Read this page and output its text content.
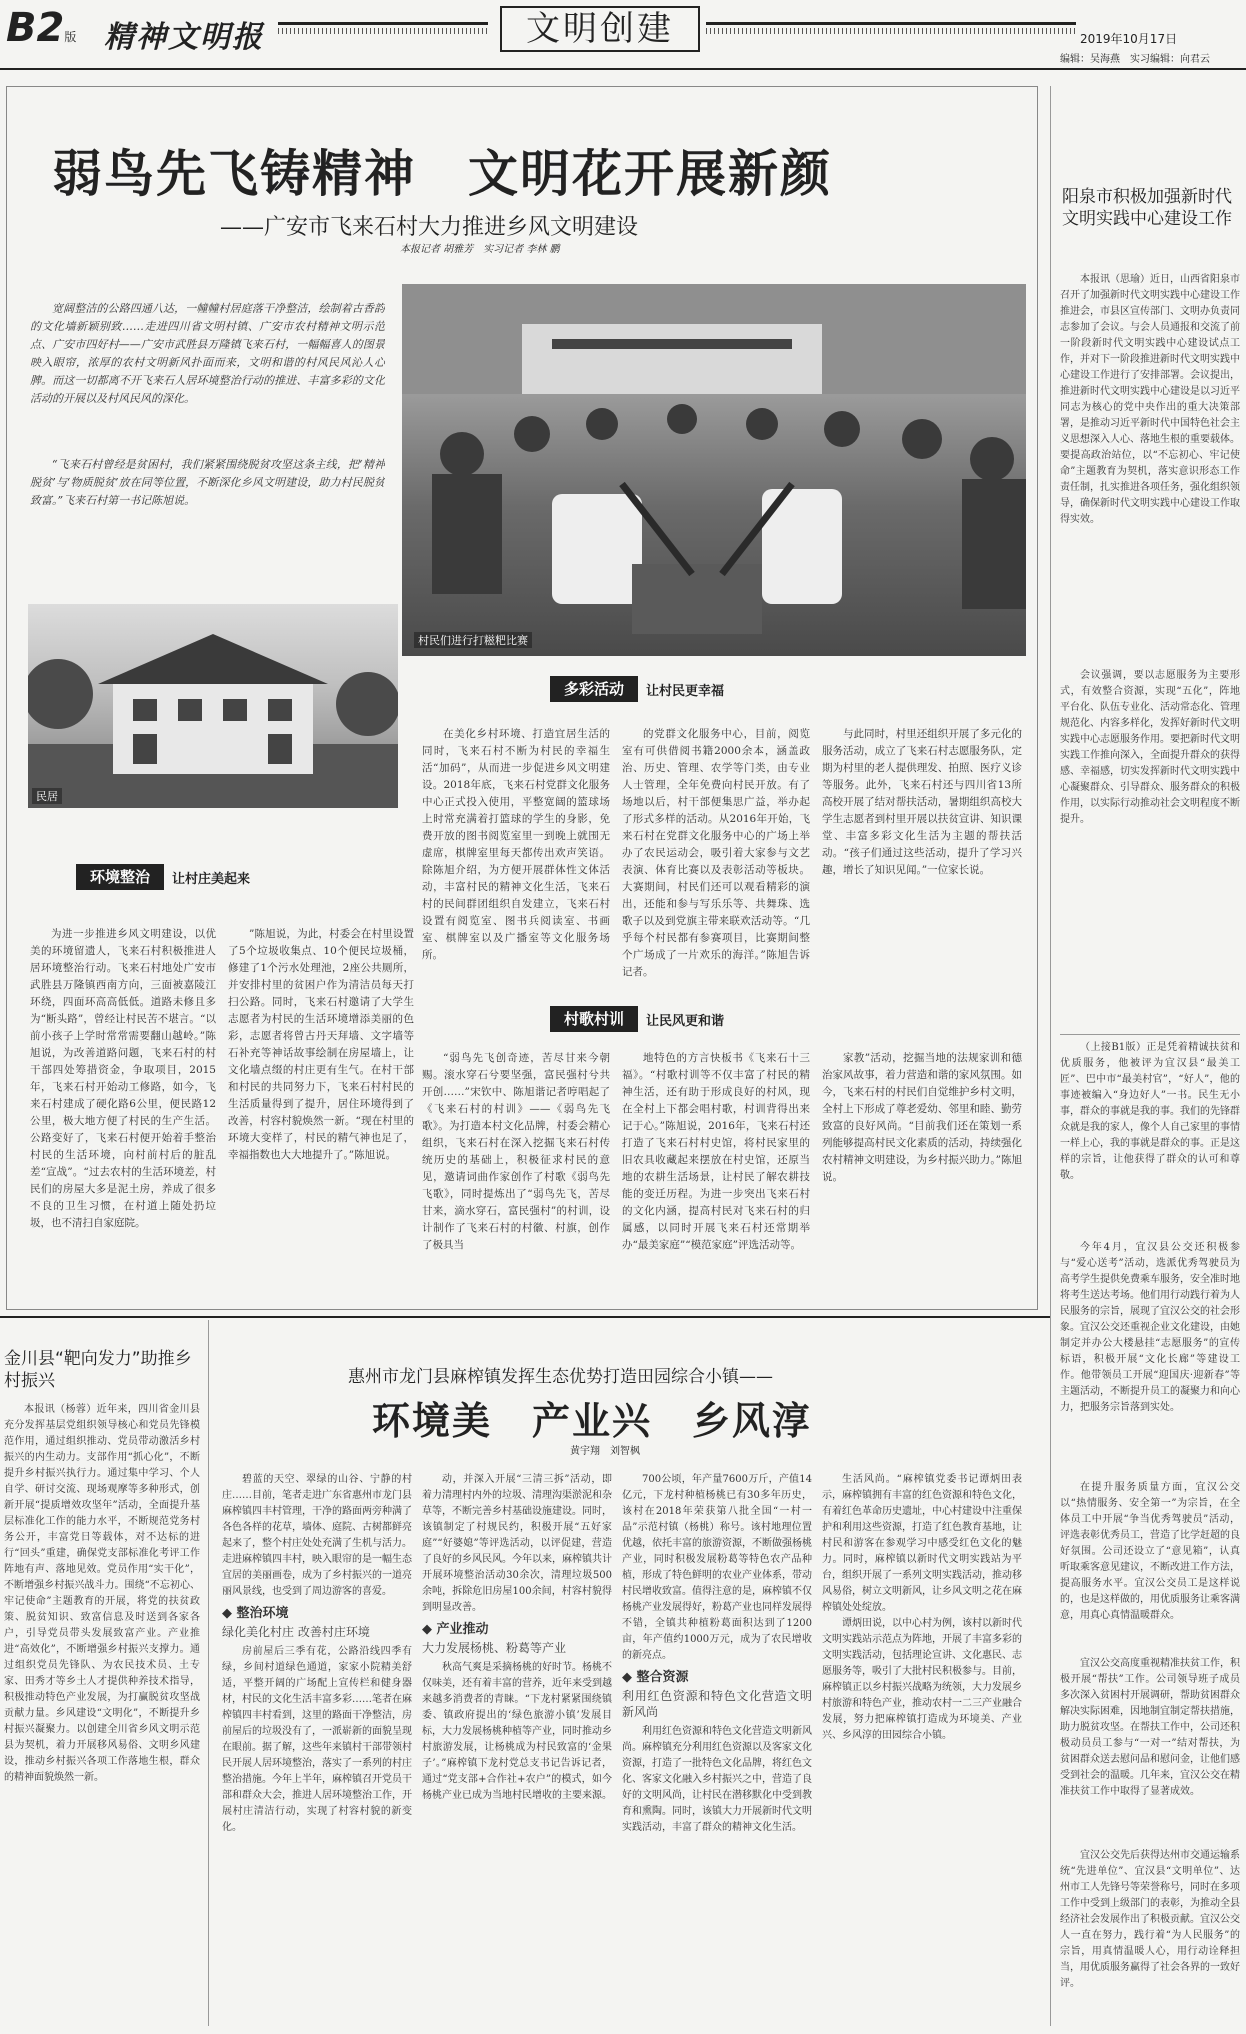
B2版 精神文明报	文明创建	2019年10月17日
编辑：吴海燕　实习编辑：向君云
弱鸟先飞铸精神　文明花开展新颜
——广安市飞来石村大力推进乡风文明建设
本报记者 胡雅芳　实习记者 李林 鹏

宽阔整洁的公路四通八达，一幢幢村居庭落干净整洁，绘制着古香韵的文化墙新颖别致……走进四川省文明村镇、广安市农村精神文明示范点、广安市四好村——广安市武胜县万隆镇飞来石村，一幅幅喜人的图景映入眼帘，浓厚的农村文明新风扑面而来，文明和谐的村风民风沁人心脾。而这一切都离不开飞来石人居环境整治行动的推进、丰富多彩的文化活动的开展以及村风民风的深化。

“飞来石村曾经是贫困村，我们紧紧围绕脱贫攻坚这条主线，把‘精神脱贫’与‘物质脱贫’放在同等位置，不断深化乡风文明建设，助力村民脱贫致富。”飞来石村第一书记陈旭说。

村民们进行打糍粑比赛
民居
多彩活动	让村民更幸福
环境整治	让村庄美起来
村歌村训	让民风更和谐

为进一步推进乡风文明建设，以优美的环境留遗人，飞来石村积极推进人居环境整治行动。飞来石村地处广安市武胜县万隆镇西南方向，三面被嘉陵江环绕，四面环高高低低。道路未修且多为“断头路”，曾经让村民苦不堪言。“以前小孩子上学时常常需要翻山越岭。”陈旭说，为改善道路问题，飞来石村的村干部四处筹措资金，争取项目，2015年，飞来石村开始动工修路，如今，飞来石村建成了硬化路6公里，便民路12公里，极大地方便了村民的生产生活。公路变好了，飞来石村便开始着手整治村民的生活环境，向村前村后的脏乱差“宣战”。“过去农村的生活环境差，村民们的房屋大多是泥土房，养成了很多不良的卫生习惯，在村道上随处扔垃圾，也不清扫自家庭院。

”陈旭说，为此，村委会在村里设置了5个垃圾收集点、10个便民垃圾桶，修建了1个污水处理池，2座公共厕所，并安排村里的贫困户作为清洁员每天打扫公路。同时，飞来石村邀请了大学生志愿者为村民的生活环境增添美丽的色彩，志愿者将曾古丹天拜墙、文字墙等石补充等神话故事绘制在房屋墙上，让文化墙点缀的村庄更有生气。在村干部和村民的共同努力下，飞来石村村民的生活质量得到了提升，居住环境得到了改善，村容村貌焕然一新。“现在村里的环境大变样了，村民的精气神也足了，幸福指数也大大地提升了。”陈旭说。

在美化乡村环境、打造宜居生活的同时，飞来石村不断为村民的幸福生活“加码”，从而进一步促进乡风文明建设。2018年底，飞来石村党群文化服务中心正式投入使用，平整宽阔的篮球场上时常充满着打篮球的学生的身影，免费开放的图书阅览室里一到晚上就围无虚席，棋牌室里每天都传出欢声笑语。除陈旭介绍，为方便开展群体性文体活动，丰富村民的精神文化生活，飞来石村的民间群团组织自发建立，飞来石村设置有阅览室、图书兵阅读室、书画室、棋牌室以及广播室等文化服务场所。

的党群文化服务中心，目前，阅览室有可供借阅书籍2000余本，涵盖政治、历史、管理、农学等门类，由专业人士管理，全年免费向村民开放。有了场地以后，村干部便集思广益，举办起了形式多样的活动。从2016年开始，飞来石村在党群文化服务中心的广场上举办了农民运动会，吸引着大家参与文艺表演、体育比赛以及表彰活动等板块。大赛期间，村民们还可以观看精彩的演出，还能和参与写乐乐等、共舞珠、选歌子以及到党旗主带来联欢活动等。“几乎每个村民都有参赛项目，比赛期间整个广场成了一片欢乐的海洋。”陈旭告诉记者。

与此同时，村里还组织开展了多元化的服务活动，成立了飞来石村志愿服务队，定期为村里的老人提供理发、拍照、医疗义诊等服务。此外，飞来石村还与四川省13所高校开展了结对帮扶活动，暑期组织高校大学生志愿者到村里开展以扶贫宣讲、知识课堂、丰富多彩文化生活为主题的帮扶活动。“孩子们通过这些活动，提升了学习兴趣，增长了知识见闻。”一位家长说。

“弱鸟先飞创奇迹，苦尽甘来今朝赐。滚水穿石兮要坚强，富民强村兮共开创……”宋钦中、陈旭谐记者哼唱起了《飞来石村的村训》——《弱鸟先飞歌》。为打造本村文化品牌，村委会精心组织，飞来石村在深入挖掘飞来石村传统历史的基础上，积极征求村民的意见，邀请词曲作家创作了村歌《弱鸟先飞歌》，同时提炼出了“弱鸟先飞，苦尽甘来，滴水穿石，富民强村”的村训，设计制作了飞来石村的村徽、村旗，创作了极具当

地特色的方言快板书《飞来石十三福》。“村歌村训等不仅丰富了村民的精神生活，还有助于形成良好的村风，现在全村上下都会唱村歌，村训背得出来记于心。”陈旭说，2016年，飞来石村还打造了飞来石村村史馆，将村民家里的旧农具收藏起来摆放在村史馆，还原当地的农耕生活场景，让村民了解农耕技能的变迁历程。为进一步突出飞来石村的文化内涵，提高村民对飞来石村的归属感，以同时开展飞来石村还常期举办“最美家庭”“模范家庭”评选活动等。

家教”活动，挖掘当地的法规家训和德治家风故事，着力营造和谐的家风氛围。如今，飞来石村的村民们自觉维护乡村文明，全村上下形成了尊老爱幼、邻里和睦、勤劳致富的良好风尚。“目前我们还在策划一系列能够提高村民文化素质的活动，持续强化农村精神文明建设，为乡村振兴助力。”陈旭说。

阳泉市积极加强新时代文明实践中心建设工作

本报讯（思瑜）近日，山西省阳泉市召开了加强新时代文明实践中心建设工作推进会，市县区宣传部门、文明办负责同志参加了会议。与会人员通报和交流了前一阶段新时代文明实践中心建设试点工作，并对下一阶段推进新时代文明实践中心建设工作进行了安排部署。会议提出，推进新时代文明实践中心建设是以习近平同志为核心的党中央作出的重大决策部署，是推动习近平新时代中国特色社会主义思想深入人心、落地生根的重要载体。要提高政治站位，以“不忘初心、牢记使命”主题教育为契机，落实意识形态工作责任制，扎实推进各项任务，强化组织领导，确保新时代文明实践中心建设工作取得实效。

会议强调，要以志愿服务为主要形式，有效整合资源，实现“五化”，阵地平台化、队伍专业化、活动常态化、管理规范化、内容多样化，发挥好新时代文明实践中心志愿服务作用。要把新时代文明实践工作推向深入，全面提升群众的获得感、幸福感，切实发挥新时代文明实践中心凝聚群众、引导群众、服务群众的积极作用，以实际行动推动社会文明程度不断提升。

（上接B1版）正是凭着精诚扶贫和优质服务，他被评为宜汉县“最美工匠”、巴中市“最美村官”，“好人”，他的事迹被编入“身边好人”一书。民生无小事，群众的事就是我的事。我们的先锋群众就是我的家人，像个人自己家里的事情一样上心，我的事就是群众的事。正是这样的宗旨，让他获得了群众的认可和尊敬。

今年4月，宜汉县公交还积极参与“爱心送考”活动，选派优秀驾驶员为高考学生提供免费乘车服务，安全准时地将考生送达考场。他们用行动践行着为人民服务的宗旨，展现了宜汉公交的社会形象。宜汉公交还重视企业文化建设，由她制定并办公大楼悬挂“志愿服务”的宣传标语，积极开展“文化长廊”等建设工作。他带领员工开展“迎国庆·迎新春”等主题活动，不断提升员工的凝聚力和向心力，把服务宗旨落到实处。

在提升服务质量方面，宜汉公交以“热情服务、安全第一”为宗旨，在全体员工中开展“争当优秀驾驶员”活动，评选表彰优秀员工，营造了比学赶超的良好氛围。公司还设立了“意见箱”，认真听取乘客意见建议，不断改进工作方法，提高服务水平。宜汉公交员工是这样说的，也是这样做的，用优质服务让乘客满意，用真心真情温暖群众。

宜汉公交高度重视精准扶贫工作，积极开展“帮扶”工作。公司领导班子成员多次深入贫困村开展调研，帮助贫困群众解决实际困难，因地制宜制定帮扶措施，助力脱贫攻坚。在帮扶工作中，公司还积极动员员工参与“一对一”结对帮扶，为贫困群众送去慰问品和慰问金，让他们感受到社会的温暖。几年来，宜汉公交在精准扶贫工作中取得了显著成效。

宜汉公交先后获得达州市交通运输系统“先进单位”、宜汉县“文明单位”、达州市工人先锋号等荣誉称号，同时在多项工作中受到上级部门的表彰，为推动全县经济社会发展作出了积极贡献。宜汉公交人一直在努力，践行着“为人民服务”的宗旨，用真情温暖人心，用行动诠释担当，用优质服务赢得了社会各界的一致好评。

金川县“靶向发力”助推乡村振兴

本报讯（杨蓉）近年来，四川省金川县充分发挥基层党组织领导核心和党员先锋模范作用，通过组织推动、党员带动激活乡村振兴的内生动力。支部作用“抓心化”，不断提升乡村振兴执行力。通过集中学习、个人自学、研讨交流、现场观摩等多种形式，创新开展“提质增效攻坚年”活动，全面提升基层标准化工作的能力水平，不断规范党务村务公开，丰富党日等载体，对不达标的进行“回头”重建，确保党支部标准化考评工作阵地有声、落地见效。党员作用“实干化”，不断增强乡村振兴战斗力。围绕“不忘初心、牢记使命”主题教育的开展，将党的扶贫政策、脱贫知识、致富信息及时送到各家各户，引导党员带头发展致富产业。产业推进“高效化”，不断增强乡村振兴支撑力。通过组织党员先锋队、为农民技术员、土专家、田秀才等乡土人才提供种养技术指导，积极推动特色产业发展，为打赢脱贫攻坚战贡献力量。乡风建设“文明化”，不断提升乡村振兴凝聚力。以创建全川省乡风文明示范县为契机，着力开展移风易俗、文明乡风建设，推动乡村振兴各项工作落地生根，群众的精神面貌焕然一新。

惠州市龙门县麻榨镇发挥生态优势打造田园综合小镇——
环境美　产业兴　乡风淳
黄宇翔　刘智枫

碧蓝的天空、翠绿的山谷、宁静的村庄……目前，笔者走进广东省惠州市龙门县麻榨镇四丰村管理，干净的路面两旁种满了各色各样的花草，墙体、庭院、古树都鲜亮起来了，整个村庄处处充满了生机与活力。走进麻榨镇四丰村，映入眼帘的是一幅生态宜居的美丽画卷，成为了乡村振兴的一道亮丽风景线，也受到了周边游客的喜爱。

◆ 整治环境
绿化美化村庄 改善村庄环境

房前屋后三季有花，公路沿线四季有绿，乡间村道绿色通道，家家小院精美舒适，平整开阔的广场配上宣传栏和健身器材，村民的文化生活丰富多彩……笔者在麻榨镇四丰村看到，这里的路面干净整洁，房前屋后的垃圾没有了，一派崭新的面貌呈现在眼前。据了解，这些年来镇村干部带领村民开展人居环境整治，落实了一系列的村庄整治措施。今年上半年，麻榨镇召开党员干部和群众大会，推进人居环境整治工作，开展村庄清洁行动，实现了村容村貌的新变化。

动，并深入开展“三清三拆”活动，即着力清理村内外的垃圾、清理沟渠淤泥和杂草等，不断完善乡村基础设施建设。同时，该镇制定了村规民约，积极开展“五好家庭”“好婆媳”等评选活动，以评促建，营造了良好的乡风民风。今年以来，麻榨镇共计开展环境整治活动30余次，清理垃圾500余吨，拆除危旧房屋100余间，村容村貌得到明显改善。

◆ 产业推动
大力发展杨桃、粉葛等产业

秋高气爽是采摘杨桃的好时节。杨桃不仅味美，还有着丰富的营养，近年来受到越来越多消费者的青睐。“下龙村紧紧围绕镇委、镇政府提出的‘绿色旅游小镇’发展目标，大力发展杨桃种植等产业，同时推动乡村旅游发展，让杨桃成为村民致富的‘金果子’。”麻榨镇下龙村党总支书记告诉记者，通过“党支部+合作社+农户”的模式，如今杨桃产业已成为当地村民增收的主要来源。

700公顷，年产量7600万斤，产值14亿元，下龙村种植杨桃已有30多年历史，该村在2018年荣获第八批全国“一村一品”示范村镇（杨桃）称号。该村地理位置优越，依托丰富的旅游资源，不断做强杨桃产业，同时积极发展粉葛等特色农产品种植，形成了特色鲜明的农业产业体系，带动村民增收致富。值得注意的是，麻榨镇不仅杨桃产业发展得好，粉葛产业也同样发展得不错，全镇共种植粉葛面积达到了1200亩，年产值约1000万元，成为了农民增收的新亮点。

◆ 整合资源
利用红色资源和特色文化营造文明新风尚

利用红色资源和特色文化营造文明新风尚。麻榨镇充分利用红色资源以及客家文化资源，打造了一批特色文化品牌，将红色文化、客家文化融入乡村振兴之中，营造了良好的文明风尚，让村民在潜移默化中受到教育和熏陶。同时，该镇大力开展新时代文明实践活动，丰富了群众的精神文化生活。

生活风尚。“麻榨镇党委书记谭炳田表示，麻榨镇拥有丰富的红色资源和特色文化，有着红色革命历史遗址，中心村建设中注重保护和利用这些资源，打造了红色教育基地，让村民和游客在参观学习中感受红色文化的魅力。同时，麻榨镇以新时代文明实践站为平台，组织开展了一系列文明实践活动，推动移风易俗，树立文明新风，让乡风文明之花在麻榨镇处处绽放。

谭炳田说，以中心村为例，该村以新时代文明实践站示范点为阵地，开展了丰富多彩的文明实践活动，包括理论宣讲、文化惠民、志愿服务等，吸引了大批村民积极参与。目前，麻榨镇正以乡村振兴战略为统领，大力发展乡村旅游和特色产业，推动农村一二三产业融合发展，努力把麻榨镇打造成为环境美、产业兴、乡风淳的田园综合小镇。
